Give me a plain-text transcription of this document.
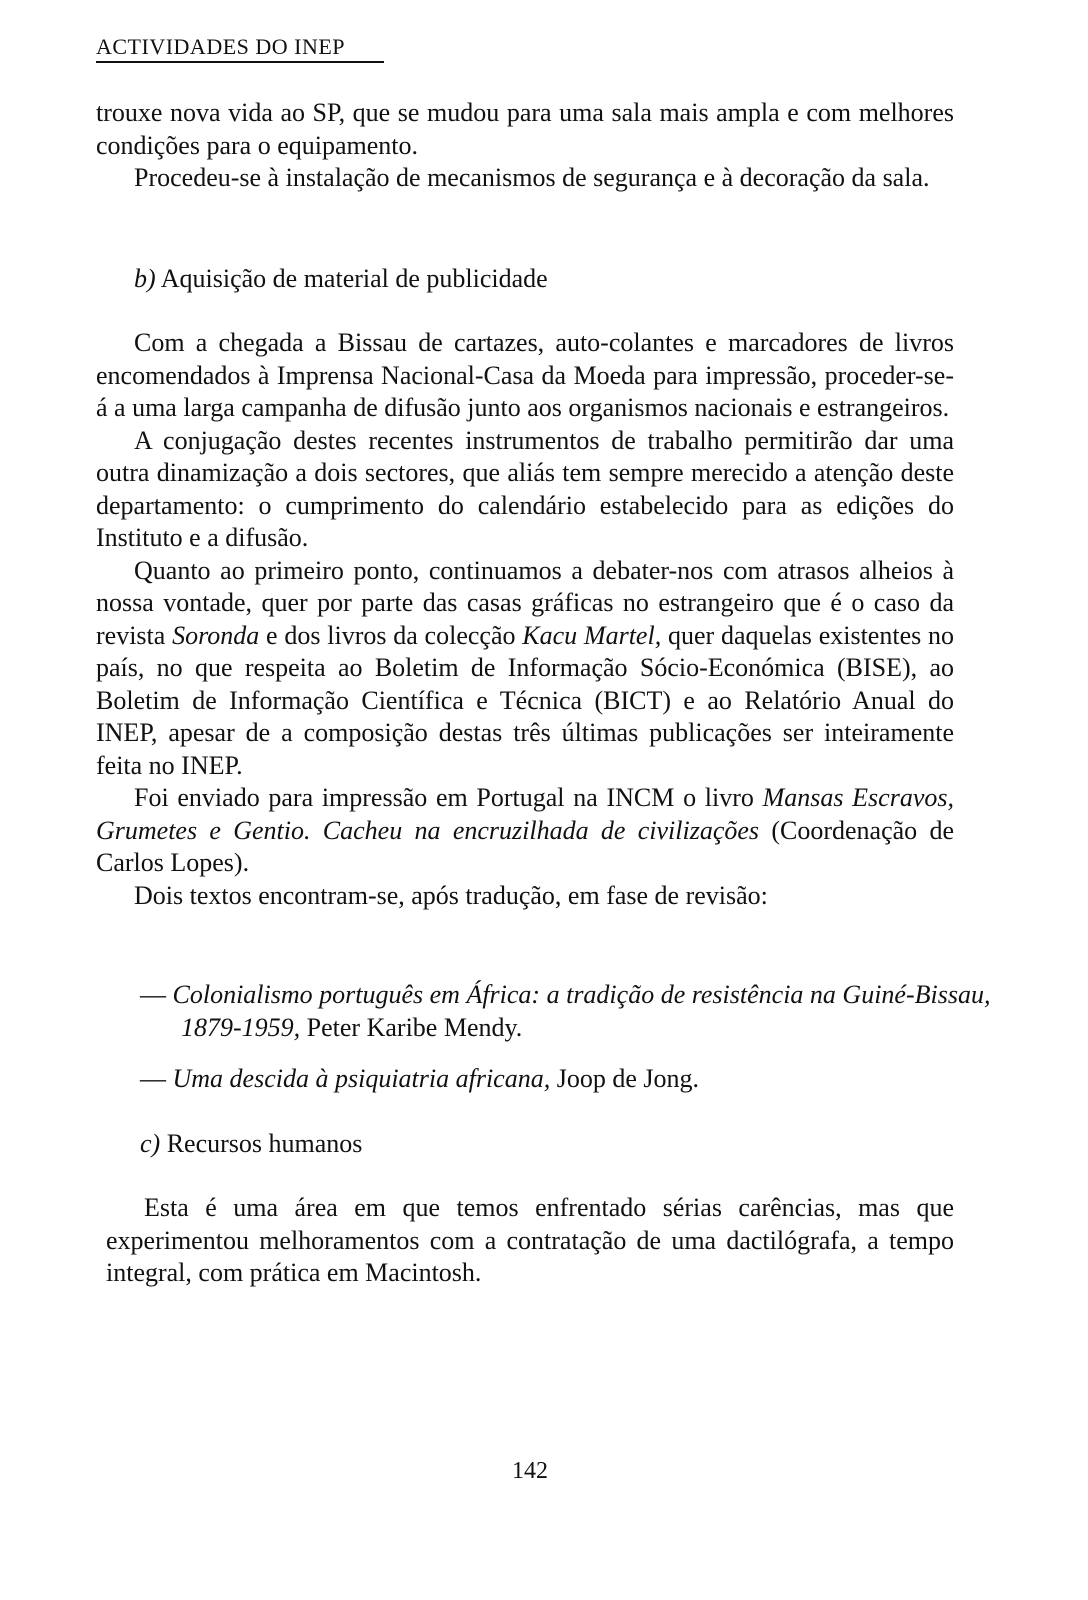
ACTIVIDADES DO INEP

trouxe nova vida ao SP, que se mudou para uma sala mais ampla e com melhores condições para o equipamento.

Procedeu-se à instalação de mecanismos de segurança e à decoração da sala.

b) Aquisição de material de publicidade

Com a chegada a Bissau de cartazes, auto-colantes e marcadores de livros encomendados à Imprensa Nacional-Casa da Moeda para impressão, proceder-se-á a uma larga campanha de difusão junto aos organismos nacionais e estrangeiros.

A conjugação destes recentes instrumentos de trabalho permitirão dar uma outra dinamização a dois sectores, que aliás tem sempre merecido a atenção deste departamento: o cumprimento do calendário estabelecido para as edições do Instituto e a difusão.

Quanto ao primeiro ponto, continuamos a debater-nos com atrasos alheios à nossa vontade, quer por parte das casas gráficas no estrangeiro que é o caso da revista Soronda e dos livros da colecção Kacu Martel, quer daquelas existentes no país, no que respeita ao Boletim de Informação Sócio-Económica (BISE), ao Boletim de Informação Científica e Técnica (BICT) e ao Relatório Anual do INEP, apesar de a composição destas três últimas publicações ser inteiramente feita no INEP.

Foi enviado para impressão em Portugal na INCM o livro Mansas Escravos, Grumetes e Gentio. Cacheu na encruzilhada de civilizações (Coordenação de Carlos Lopes).

Dois textos encontram-se, após tradução, em fase de revisão:

— Colonialismo português em África: a tradição de resistência na Guiné-Bissau, 1879-1959, Peter Karibe Mendy.
— Uma descida à psiquiatria africana, Joop de Jong.
c) Recursos humanos

Esta é uma área em que temos enfrentado sérias carências, mas que experimentou melhoramentos com a contratação de uma dactilógrafa, a tempo integral, com prática em Macintosh.

142
